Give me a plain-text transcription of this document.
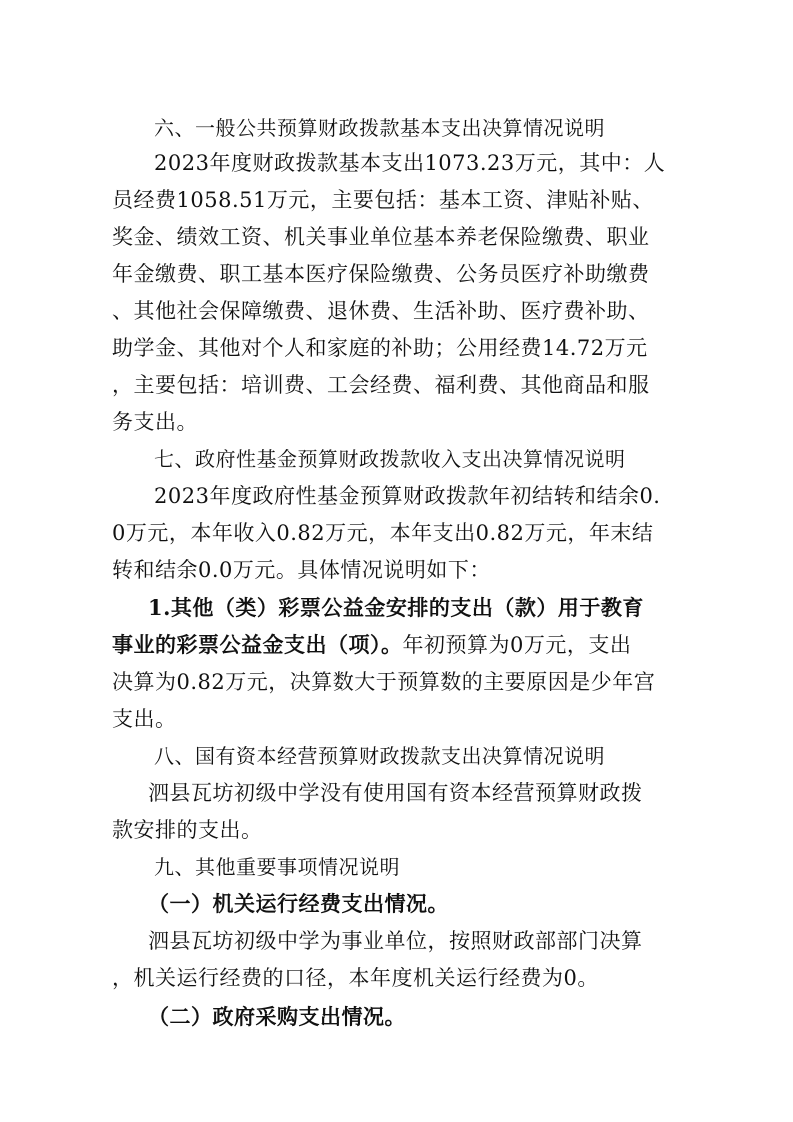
六、一般公共预算财政拨款基本支出决算情况说明
2023年度财政拨款基本支出1073.23万元，其中：人
员经费1058.51万元，主要包括：基本工资、津贴补贴、
奖金、绩效工资、机关事业单位基本养老保险缴费、职业
年金缴费、职工基本医疗保险缴费、公务员医疗补助缴费
、其他社会保障缴费、退休费、生活补助、医疗费补助、
助学金、其他对个人和家庭的补助；公用经费14.72万元
，主要包括：培训费、工会经费、福利费、其他商品和服
务支出。
七、政府性基金预算财政拨款收入支出决算情况说明
2023年度政府性基金预算财政拨款年初结转和结余0.
0万元，本年收入0.82万元，本年支出0.82万元，年末结
转和结余0.0万元。具体情况说明如下：
1.其他（类）彩票公益金安排的支出（款）用于教育
事业的彩票公益金支出（项）。年初预算为0万元，支出
决算为0.82万元，决算数大于预算数的主要原因是少年宫
支出。
八、国有资本经营预算财政拨款支出决算情况说明
泗县瓦坊初级中学没有使用国有资本经营预算财政拨
款安排的支出。
九、其他重要事项情况说明
（一）机关运行经费支出情况。
泗县瓦坊初级中学为事业单位，按照财政部部门决算
，机关运行经费的口径，本年度机关运行经费为0。
（二）政府采购支出情况。
